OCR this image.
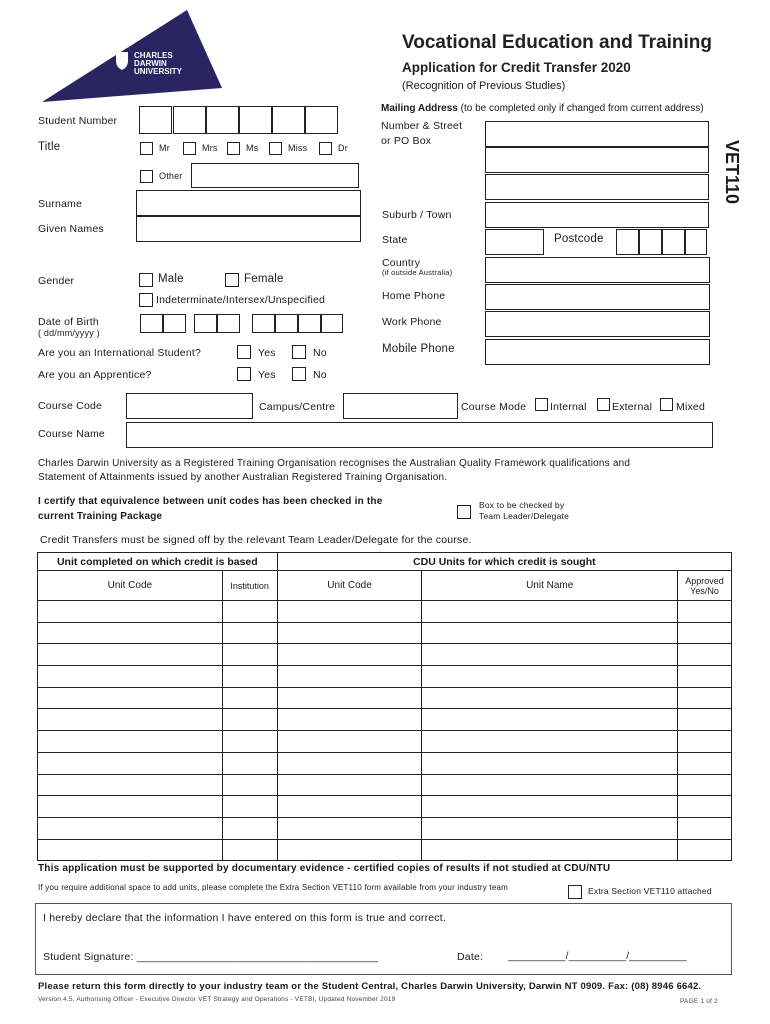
CHARLES
DARWIN
UNIVERSITY
Vocational Education and Training
Application for Credit Transfer 2020
(Recognition of Previous Studies)
VET110
Student Number
Title	Mr	Mrs	Ms	Miss	Dr
Other
Surname
Given Names
Gender	Male	Female
Indeterminate/Intersex/Unspecified
Date of Birth
( dd/mm/yyyy )
Are you an International Student?	Yes	No
Are you an Apprentice?	Yes	No
Mailing Address (to be completed only if changed from current address)
Number & Street
or PO Box
Suburb / Town
State	Postcode
Country
(if outside Australia)
Home Phone
Work Phone
Mobile Phone
Course Code	Campus/Centre	Course Mode Internal External Mixed
Course Name
Charles Darwin University as a Registered Training Organisation recognises the Australian Quality Framework qualifications and
Statement of Attainments issued by another Australian Registered Training Organisation.
I certify that equivalence between unit codes has been checked in the
current Training Package
Box to be checked by
Team Leader/Delegate
Credit Transfers must be signed off by the relevant Team Leader/Delegate for the course.
Unit completed on which credit is based		CDU Units for which credit is sought		
Unit Code	Institution	Unit Code	Unit Name	Approved
Yes/No

This application must be supported by documentary evidence - certified copies of results if not studied at CDU/NTU
If you require additional space to add units, please complete the Extra Section VET110 form available from your industry team	Extra Section VET110 attached
I hereby declare that the information I have entered on this form is true and correct.
Student Signature: ________________________________________	Date: __________/__________/__________
Please return this form directly to your industry team or the Student Central, Charles Darwin University, Darwin NT 0909. Fax: (08) 8946 6642.
Version 4.5, Authorising Officer - Executive Director VET Strategy and Operations - VETBI, Updated November 2019	PAGE 1 of 2
